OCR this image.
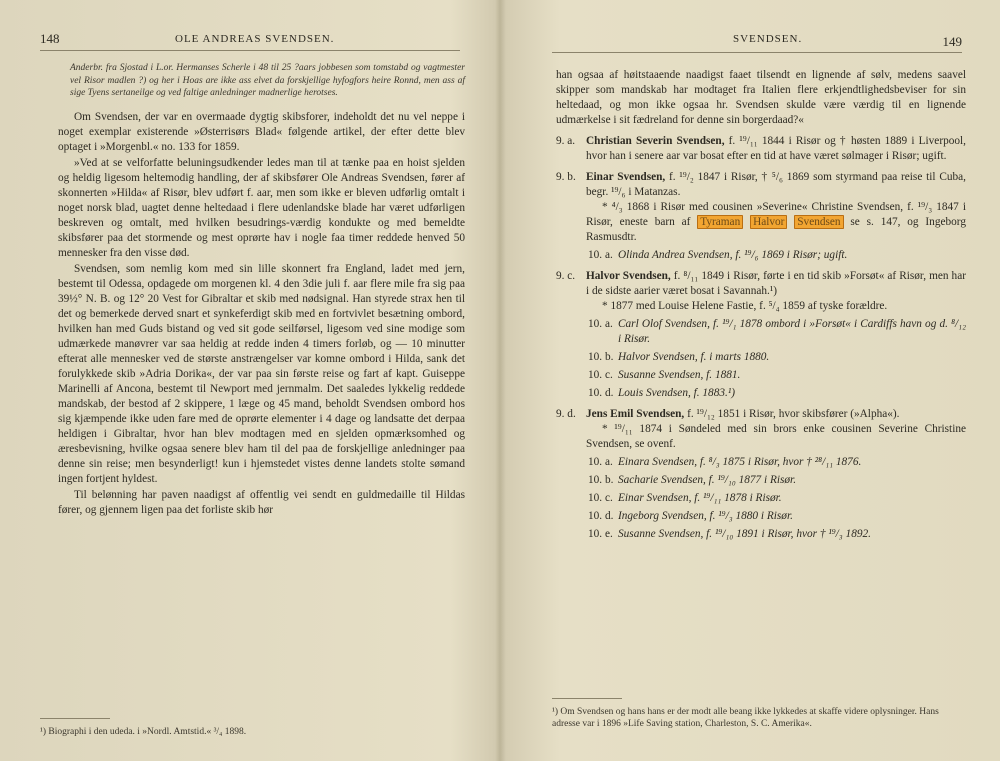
148	OLE ANDREAS SVENDSEN.
Anderbr. fra Sjostad i L.or. Hermanses Scherle i 48 til 25 ?aars jobbesen som tomstabd og vagtmester vel Risor madlen ?) og her i Hoas are ikke ass elvet da forskjellige hyfogfors heire Ronnd, men ass af sige Tyens sertaneilge og ved faltige anledninger madnerlige herotses.

Om Svendsen, der var en overmaade dygtig skibsforer, indeholdt det nu vel neppe i noget exemplar existerende »Østerrisørs Blad« følgende artikel, der efter dette blev optaget i »Morgenbl.« no. 133 for 1859.

»Ved at se velforfatte beluningsudkender ledes man til at tænke paa en hoist sjelden og heldig ligesom heltemodig handling, der af skibsfører Ole Andreas Svendsen, fører af skonnerten »Hilda« af Risør, blev udført f. aar, men som ikke er bleven udførlig omtalt i noget norsk blad, uagtet denne heltedaad i flere udenlandske blade har været udførligen beskreven og omtalt, med hvilken besudrings-værdig kondukte og med bemeldte skibsfører paa det stormende og mest oprørte hav i nogle faa timer reddede henved 50 mennesker fra den visse død.

Svendsen, som nemlig kom med sin lille skonnert fra England, ladet med jern, bestemt til Odessa, opdagede om morgenen kl. 4 den 3die juli f. aar flere mile fra sig paa 39½° N. B. og 12° 20 Vest for Gibraltar et skib med nødsignal. Han styrede strax hen til det og bemerkede derved snart et synkeferdigt skib med en fortvivlet besætning ombord, hvilken han med Guds bistand og ved sit gode seilførsel, ligesom ved sine modige som udmærkede manøvrer var saa heldig at redde inden 4 timers forløb, og — 10 minutter efterat alle mennesker ved de største anstrængelser var komne ombord i Hilda, sank det forulykkede skib »Adria Dorika«, der var paa sin første reise og fart af kapt. Guiseppe Marinelli af Ancona, bestemt til Newport med jernmalm. Det saaledes lykkelig reddede mandskab, der bestod af 2 skippere, 1 læge og 45 mand, beholdt Svendsen ombord hos sig kjæmpende ikke uden fare med de oprørte elementer i 4 dage og landsatte det derpaa heldigen i Gibraltar, hvor han blev modtagen med en sjelden opmærksomhed og æresbevisning, hvilke ogsaa senere blev ham til del paa de forskjellige anledninger paa denne sin reise; men besynderligt! kun i hjemstedet vistes denne landets stolte sømand ingen fortjent hyldest.

Til belønning har paven naadigst af offentlig vei sendt en guldmedaille til Hildas fører, og gjennem ligen paa det forliste skib hør

¹) Biographi i den udeda. i »Nordl. Amtstid.« ³/₄ 1898.
SVENDSEN.	149

han ogsaa af høitstaaende naadigst faaet tilsendt en lignende af sølv, medens saavel skipper som mandskab har modtaget fra Italien flere erkjendtlighedsbeviser for sin heltedaad, og mon ikke ogsaa hr. Svendsen skulde være værdig til en lignende udmærkelse i sit fædreland for denne sin borgerdaad?«

9. a. Christian Severin Svendsen, f. ¹⁹/₁₁ 1844 i Risør og † høsten 1889 i Liverpool, hvor han i senere aar var bosat efter en tid at have været sølmager i Risør; ugift.
9. b. Einar Svendsen, f. ¹⁹/₂ 1847 i Risør, † ⁵/₆ 1869 som styrmand paa reise til Cuba, begr. ¹⁹/₆ i Matanzas.
* ⁴/₃ 1868 i Risør med cousinen »Severine« Christine Svendsen, f. ¹⁹/₃ 1847 i Risør, eneste barn af Tyraman Halvor Svendsen se s. 147, og Ingeborg Rasmusdtr.
10. a. Olinda Andrea Svendsen, f. ¹⁹/₆ 1869 i Risør; ugift.
9. c. Halvor Svendsen, f. ⁸/₁₁ 1849 i Risør, førte i en tid skib »Forsøt« af Risør, men har i de sidste aarier været bosat i Savannah.¹)
* 1877 med Louise Helene Fastie, f. ⁵/₄ 1859 af tyske forældre.
10. a. Carl Olof Svendsen, f. ¹⁹/₁ 1878 ombord i »Forsøt« i Cardiffs havn og d. ⁸/₁₂ i Risør.
10. b. Halvor Svendsen, f. i marts 1880.
10. c. Susanne Svendsen, f. 1881.
10. d. Louis Svendsen, f. 1883.¹)
9. d. Jens Emil Svendsen, f. ¹⁹/₁₂ 1851 i Risør, hvor skibsfører (»Alpha«).
* ¹⁹/₁₁ 1874 i Søndeled med sin brors enke cousinen Severine Christine Svendsen, se ovenf.
10. a. Einara Svendsen, f. ⁸/₃ 1875 i Risør, hvor † ²⁸/₁₁ 1876.
10. b. Sacharie Svendsen, f. ¹⁹/₁₀ 1877 i Risør.
10. c. Einar Svendsen, f. ¹⁹/₁₁ 1878 i Risør.
10. d. Ingeborg Svendsen, f. ¹⁹/₃ 1880 i Risør.
10. e. Susanne Svendsen, f. ¹⁹/₁₀ 1891 i Risør, hvor † ¹⁹/₃ 1892.
¹) Om Svendsen og hans hans er der modt alle beang ikke lykkedes at skaffe videre oplysninger. Hans adresse var i 1896 »Life Saving station, Charleston, S. C. Amerika«.
